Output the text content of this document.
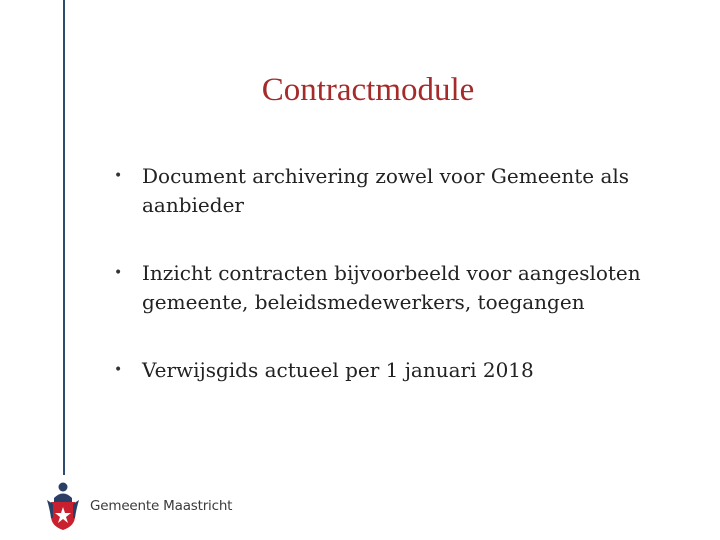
Contractmodule
• Document archivering zowel voor Gemeente als aanbieder
• Inzicht contracten bijvoorbeeld voor aangesloten gemeente, beleidsmedewerkers, toegangen
• Verwijsgids actueel per 1 januari 2018
Gemeente Maastricht
